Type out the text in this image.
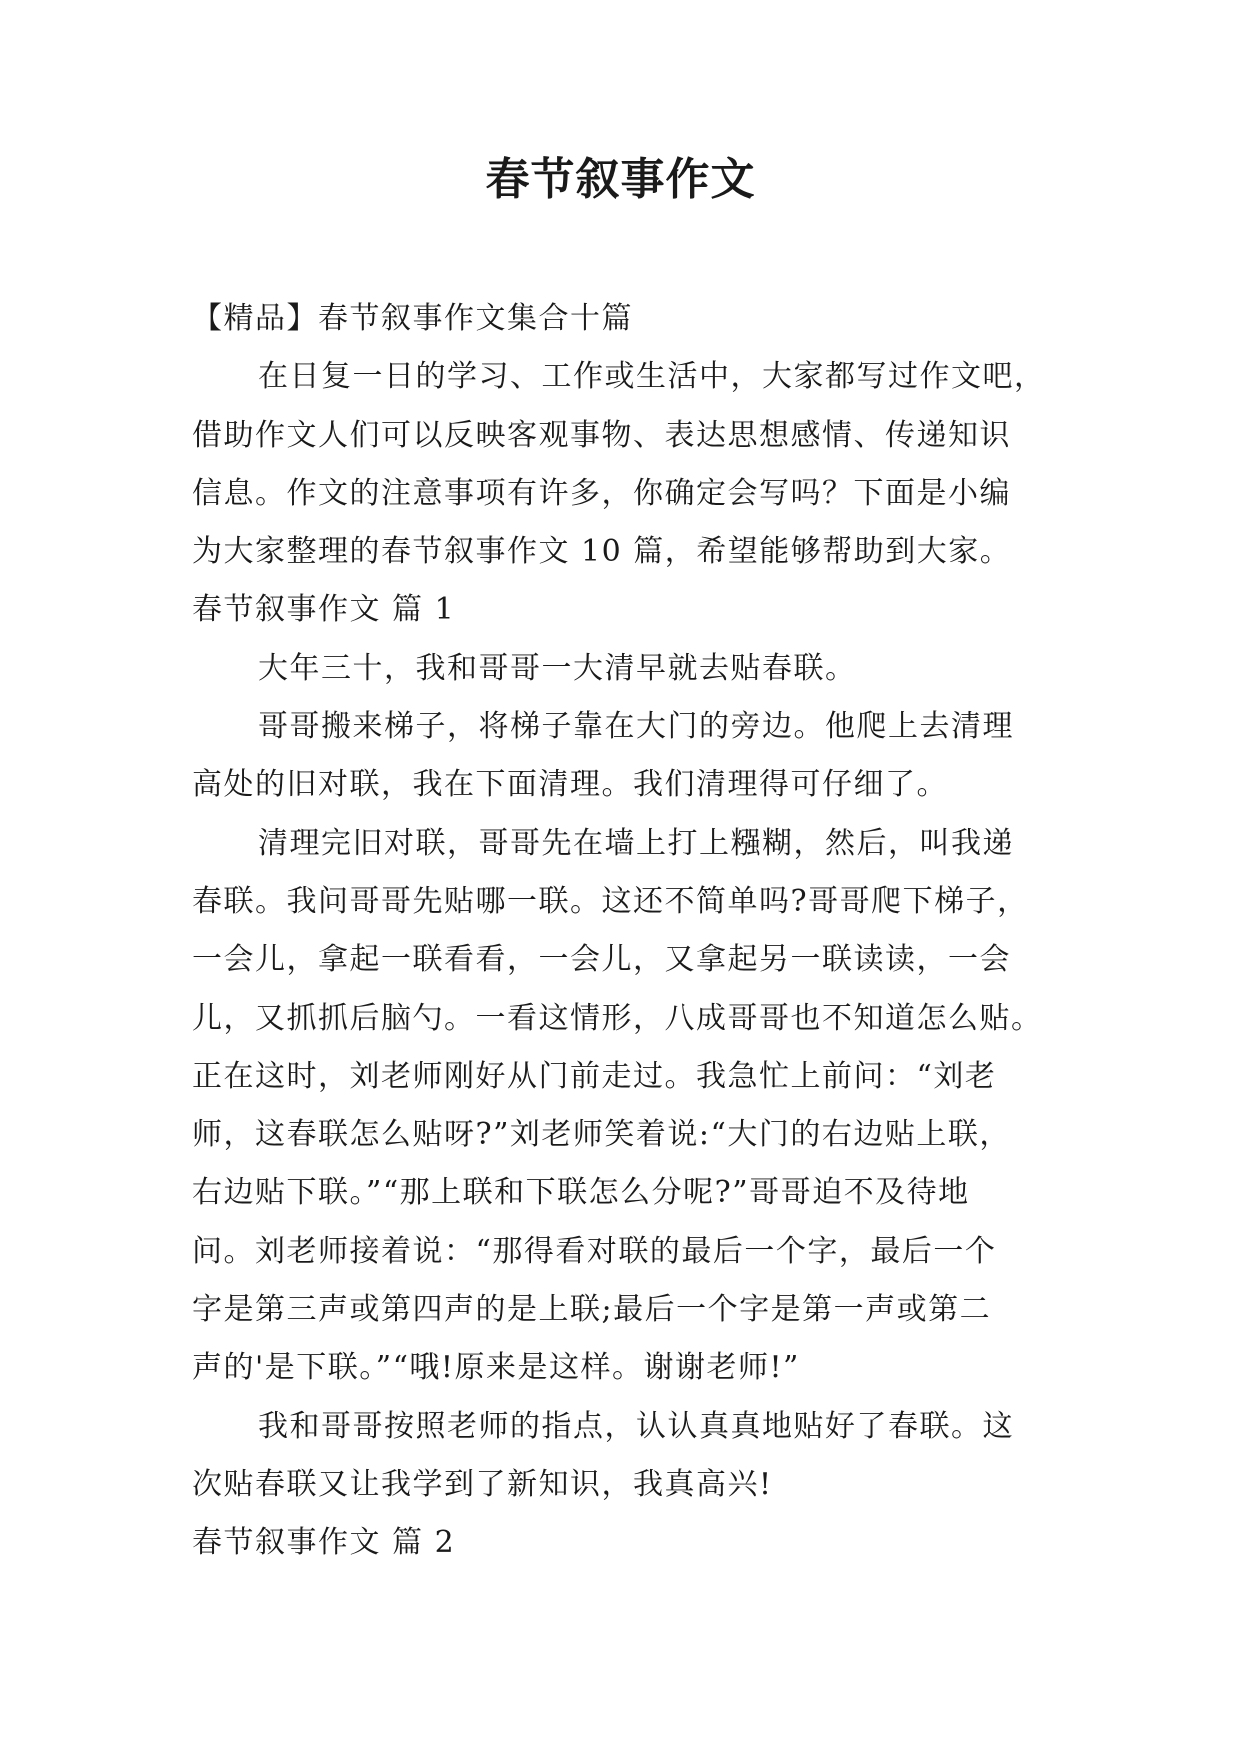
春节叙事作文
【精品】春节叙事作文集合十篇
在日复一日的学习、工作或生活中，大家都写过作文吧，
借助作文人们可以反映客观事物、表达思想感情、传递知识
信息。作文的注意事项有许多，你确定会写吗？下面是小编
为大家整理的春节叙事作文 10 篇，希望能够帮助到大家。
春节叙事作文 篇 1
大年三十，我和哥哥一大清早就去贴春联。
哥哥搬来梯子，将梯子靠在大门的旁边。他爬上去清理
高处的旧对联，我在下面清理。我们清理得可仔细了。
清理完旧对联，哥哥先在墙上打上糨糊，然后，叫我递
春联。我问哥哥先贴哪一联。这还不简单吗?哥哥爬下梯子，
一会儿，拿起一联看看，一会儿，又拿起另一联读读，一会
儿，又抓抓后脑勺。一看这情形，八成哥哥也不知道怎么贴。
正在这时，刘老师刚好从门前走过。我急忙上前问：“刘老
师，这春联怎么贴呀?”刘老师笑着说:“大门的右边贴上联，
右边贴下联。”“那上联和下联怎么分呢?”哥哥迫不及待地
问。刘老师接着说：“那得看对联的最后一个字，最后一个
字是第三声或第四声的是上联;最后一个字是第一声或第二
声的'是下联。”“哦!原来是这样。谢谢老师!”
我和哥哥按照老师的指点，认认真真地贴好了春联。这
次贴春联又让我学到了新知识，我真高兴!
春节叙事作文 篇 2
